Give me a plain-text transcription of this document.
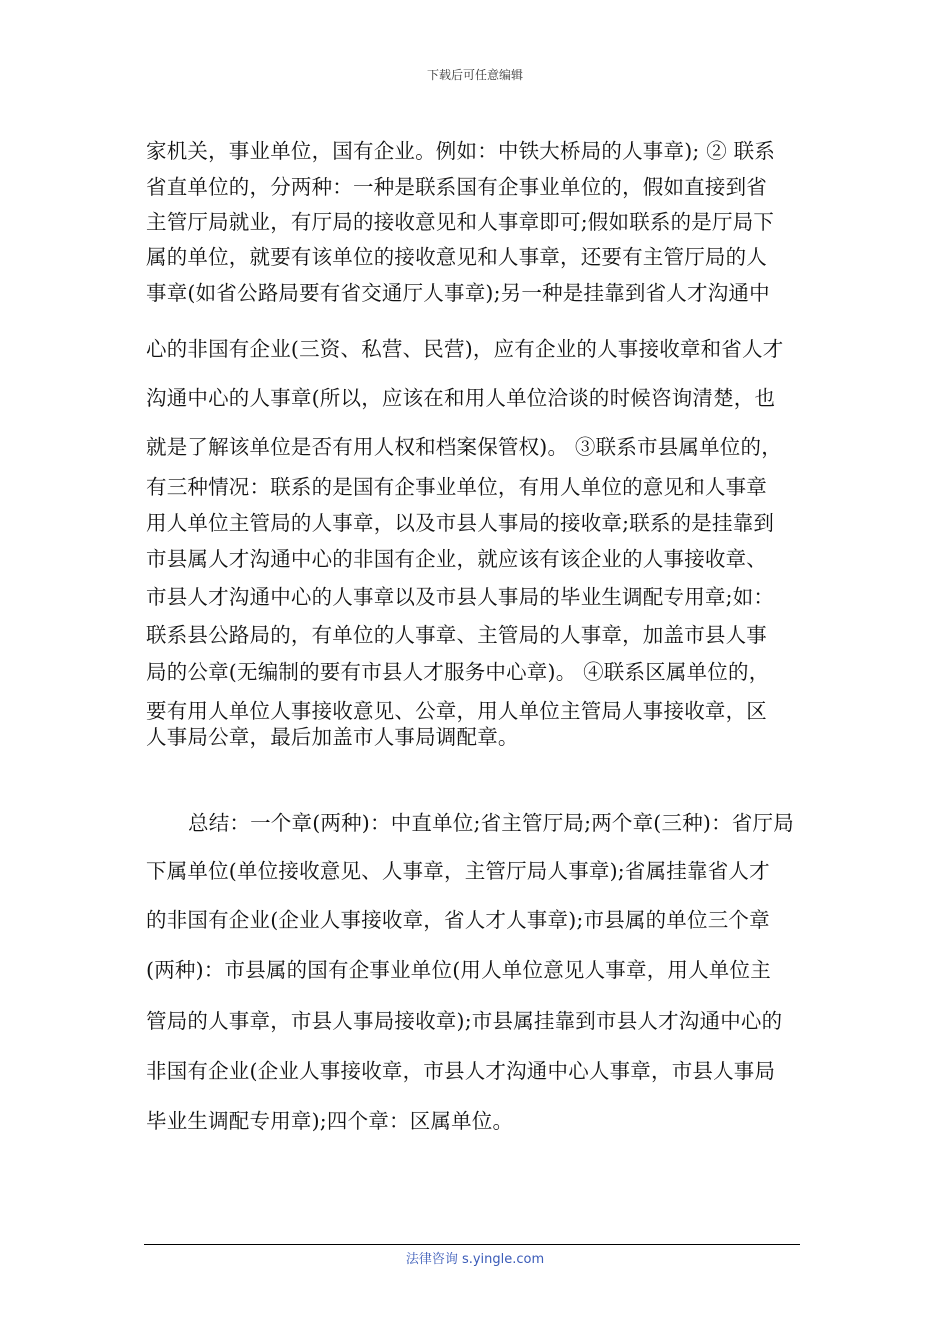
下载后可任意编辑
家机关，事业单位，国有企业。例如：中铁大桥局的人事章); ② 联系
省直单位的，分两种：一种是联系国有企事业单位的，假如直接到省
主管厅局就业，有厅局的接收意见和人事章即可;假如联系的是厅局下
属的单位，就要有该单位的接收意见和人事章，还要有主管厅局的人
事章(如省公路局要有省交通厅人事章);另一种是挂靠到省人才沟通中
心的非国有企业(三资、私营、民营)，应有企业的人事接收章和省人才
沟通中心的人事章(所以，应该在和用人单位洽谈的时候咨询清楚，也
就是了解该单位是否有用人权和档案保管权)。 ③联系市县属单位的，
有三种情况：联系的是国有企事业单位，有用人单位的意见和人事章
用人单位主管局的人事章，以及市县人事局的接收章;联系的是挂靠到
市县属人才沟通中心的非国有企业，就应该有该企业的人事接收章、
市县人才沟通中心的人事章以及市县人事局的毕业生调配专用章;如：
联系县公路局的，有单位的人事章、主管局的人事章，加盖市县人事
局的公章(无编制的要有市县人才服务中心章)。 ④联系区属单位的，
要有用人单位人事接收意见、公章，用人单位主管局人事接收章，区
人事局公章，最后加盖市人事局调配章。
总结：一个章(两种)：中直单位;省主管厅局;两个章(三种)：省厅局
下属单位(单位接收意见、人事章，主管厅局人事章);省属挂靠省人才
的非国有企业(企业人事接收章，省人才人事章);市县属的单位三个章
(两种)：市县属的国有企事业单位(用人单位意见人事章，用人单位主
管局的人事章，市县人事局接收章);市县属挂靠到市县人才沟通中心的
非国有企业(企业人事接收章，市县人才沟通中心人事章，市县人事局
毕业生调配专用章);四个章：区属单位。
法律咨询 s.yingle.com
